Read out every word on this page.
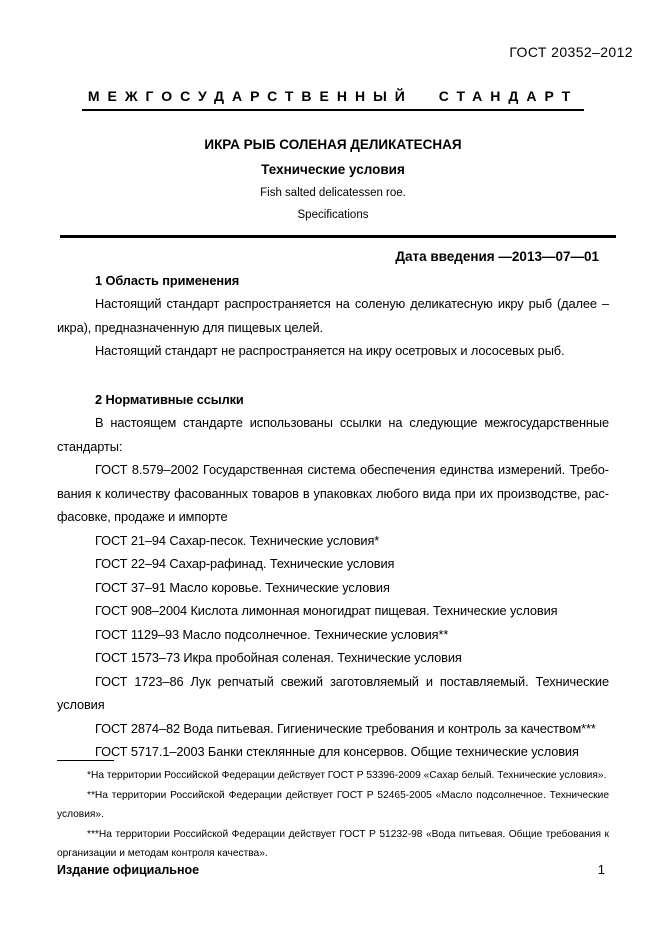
ГОСТ 20352–2012
МЕЖГОСУДАРСТВЕННЫЙ СТАНДАРТ
ИКРА РЫБ СОЛЕНАЯ ДЕЛИКАТЕСНАЯ
Технические условия
Fish salted delicatessen roe.
Specifications
Дата введения —2013—07—01

1 Область применения

Настоящий стандарт распространяется на соленую деликатесную икру рыб (далее – икра), предназначенную для пищевых целей.

Настоящий стандарт не распространяется на икру осетровых и лососевых рыб.

2 Нормативные ссылки

В настоящем стандарте использованы ссылки на следующие межгосударственные стандарты:

ГОСТ 8.579–2002 Государственная система обеспечения единства измерений. Требования к количеству фасованных товаров в упаковках любого вида при их производстве, расфасовке, продаже и импорте

ГОСТ 21–94 Сахар-песок. Технические условия*

ГОСТ 22–94 Сахар-рафинад. Технические условия

ГОСТ 37–91 Масло коровье. Технические условия

ГОСТ 908–2004 Кислота лимонная моногидрат пищевая. Технические условия

ГОСТ 1129–93 Масло подсолнечное. Технические условия**

ГОСТ 1573–73 Икра пробойная соленая. Технические условия

ГОСТ 1723–86 Лук репчатый свежий заготовляемый и поставляемый. Технические условия

ГОСТ 2874–82 Вода питьевая. Гигиенические требования и контроль за качеством***

ГОСТ 5717.1–2003 Банки стеклянные для консервов. Общие технические условия

*На территории Российской Федерации действует ГОСТ Р 53396-2009 «Сахар белый. Технические условия».

**На территории Российской Федерации действует ГОСТ Р 52465-2005 «Масло подсолнечное. Технические условия».

***На территории Российской Федерации действует ГОСТ Р 51232-98 «Вода питьевая. Общие требования к организации и методам контроля качества».

Издание официальное	1
